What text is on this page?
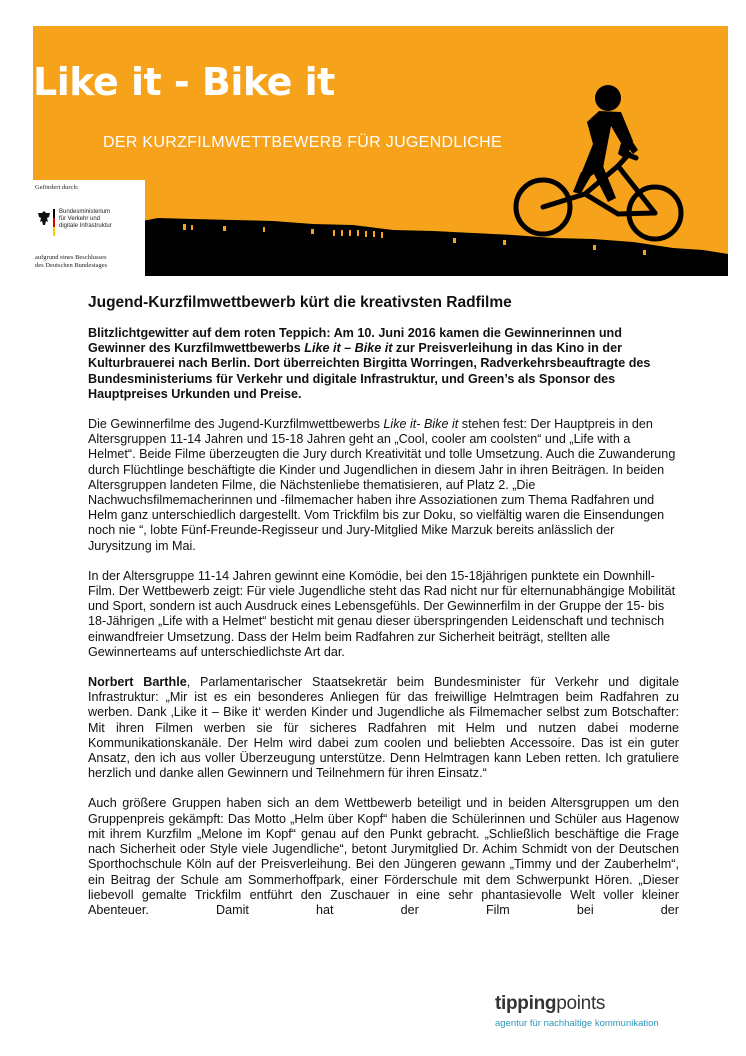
Like it - Bike it
DER KURZFILMWETTBEWERB FÜR JUGENDLICHE
Gefördert durch:
Bundesministerium
für Verkehr und
digitale Infrastruktur
aufgrund eines Beschlusses
des Deutschen Bundestages
Jugend-Kurzfilmwettbewerb kürt die kreativsten Radfilme

Blitzlichtgewitter auf dem roten Teppich: Am 10. Juni 2016 kamen die Gewinnerinnen und Gewinner des Kurzfilmwettbewerbs Like it – Bike it zur Preisverleihung in das Kino in der Kulturbrauerei nach Berlin. Dort überreichten Birgitta Worringen, Radverkehrsbeauftragte des Bundesministeriums für Verkehr und digitale Infrastruktur, und Green’s als Sponsor des Hauptpreises Urkunden und Preise.

Die Gewinnerfilme des Jugend-Kurzfilmwettbewerbs Like it- Bike it stehen fest: Der Hauptpreis in den Altersgruppen 11-14 Jahren und 15-18 Jahren geht an „Cool, cooler am coolsten“ und „Life with a Helmet“. Beide Filme überzeugten die Jury durch Kreativität und tolle Umsetzung. Auch die Zuwanderung durch Flüchtlinge beschäftigte die Kinder und Jugendlichen in diesem Jahr in ihren Beiträgen. In beiden Altersgruppen landeten Filme, die Nächstenliebe thematisieren, auf Platz 2. „Die Nachwuchsfilmemacherinnen und -filmemacher haben ihre Assoziationen zum Thema Radfahren und Helm ganz unterschiedlich dargestellt. Vom Trickfilm bis zur Doku, so vielfältig waren die Einsendungen noch nie “, lobte Fünf-Freunde-Regisseur und Jury-Mitglied Mike Marzuk bereits anlässlich der Jurysitzung im Mai.

In der Altersgruppe 11-14 Jahren gewinnt eine Komödie, bei den 15-18jährigen punktete ein Downhill-Film. Der Wettbewerb zeigt: Für viele Jugendliche steht das Rad nicht nur für elternunabhängige Mobilität und Sport, sondern ist auch Ausdruck eines Lebensgefühls. Der Gewinnerfilm in der Gruppe der 15- bis 18-Jährigen „Life with a Helmet“ besticht mit genau dieser überspringenden Leidenschaft und technisch einwandfreier Umsetzung. Dass der Helm beim Radfahren zur Sicherheit beiträgt, stellten alle Gewinnerteams auf unterschiedlichste Art dar.

Norbert Barthle, Parlamentarischer Staatsekretär beim Bundesminister für Verkehr und digitale Infrastruktur: „Mir ist es ein besonderes Anliegen für das freiwillige Helmtragen beim Radfahren zu werben. Dank ‚Like it – Bike it‘ werden Kinder und Jugendliche als Filmemacher selbst zum Botschafter: Mit ihren Filmen werben sie für sicheres Radfahren mit Helm und nutzen dabei moderne Kommunikationskanäle. Der Helm wird dabei zum coolen und beliebten Accessoire. Das ist ein guter Ansatz, den ich aus voller Überzeugung unterstütze. Denn Helmtragen kann Leben retten. Ich gratuliere herzlich und danke allen Gewinnern und Teilnehmern für ihren Einsatz.“

Auch größere Gruppen haben sich an dem Wettbewerb beteiligt und in beiden Altersgruppen um den Gruppenpreis gekämpft: Das Motto „Helm über Kopf“ haben die Schülerinnen und Schüler aus Hagenow mit ihrem Kurzfilm „Melone im Kopf“ genau auf den Punkt gebracht. „Schließlich beschäftige die Frage nach Sicherheit oder Style viele Jugendliche“, betont Jurymitglied Dr. Achim Schmidt von der Deutschen Sporthochschule Köln auf der Preisverleihung. Bei den Jüngeren gewann „Timmy und der Zauberhelm“, ein Beitrag der Schule am Sommerhoffpark, einer Förderschule mit dem Schwerpunkt Hören. „Dieser liebevoll gemalte Trickfilm entführt den Zuschauer in eine sehr phantasievolle Welt voller kleiner Abenteuer. Damit hat der Film bei der

tippingpoints
agentur für nachhaltige kommunikation
